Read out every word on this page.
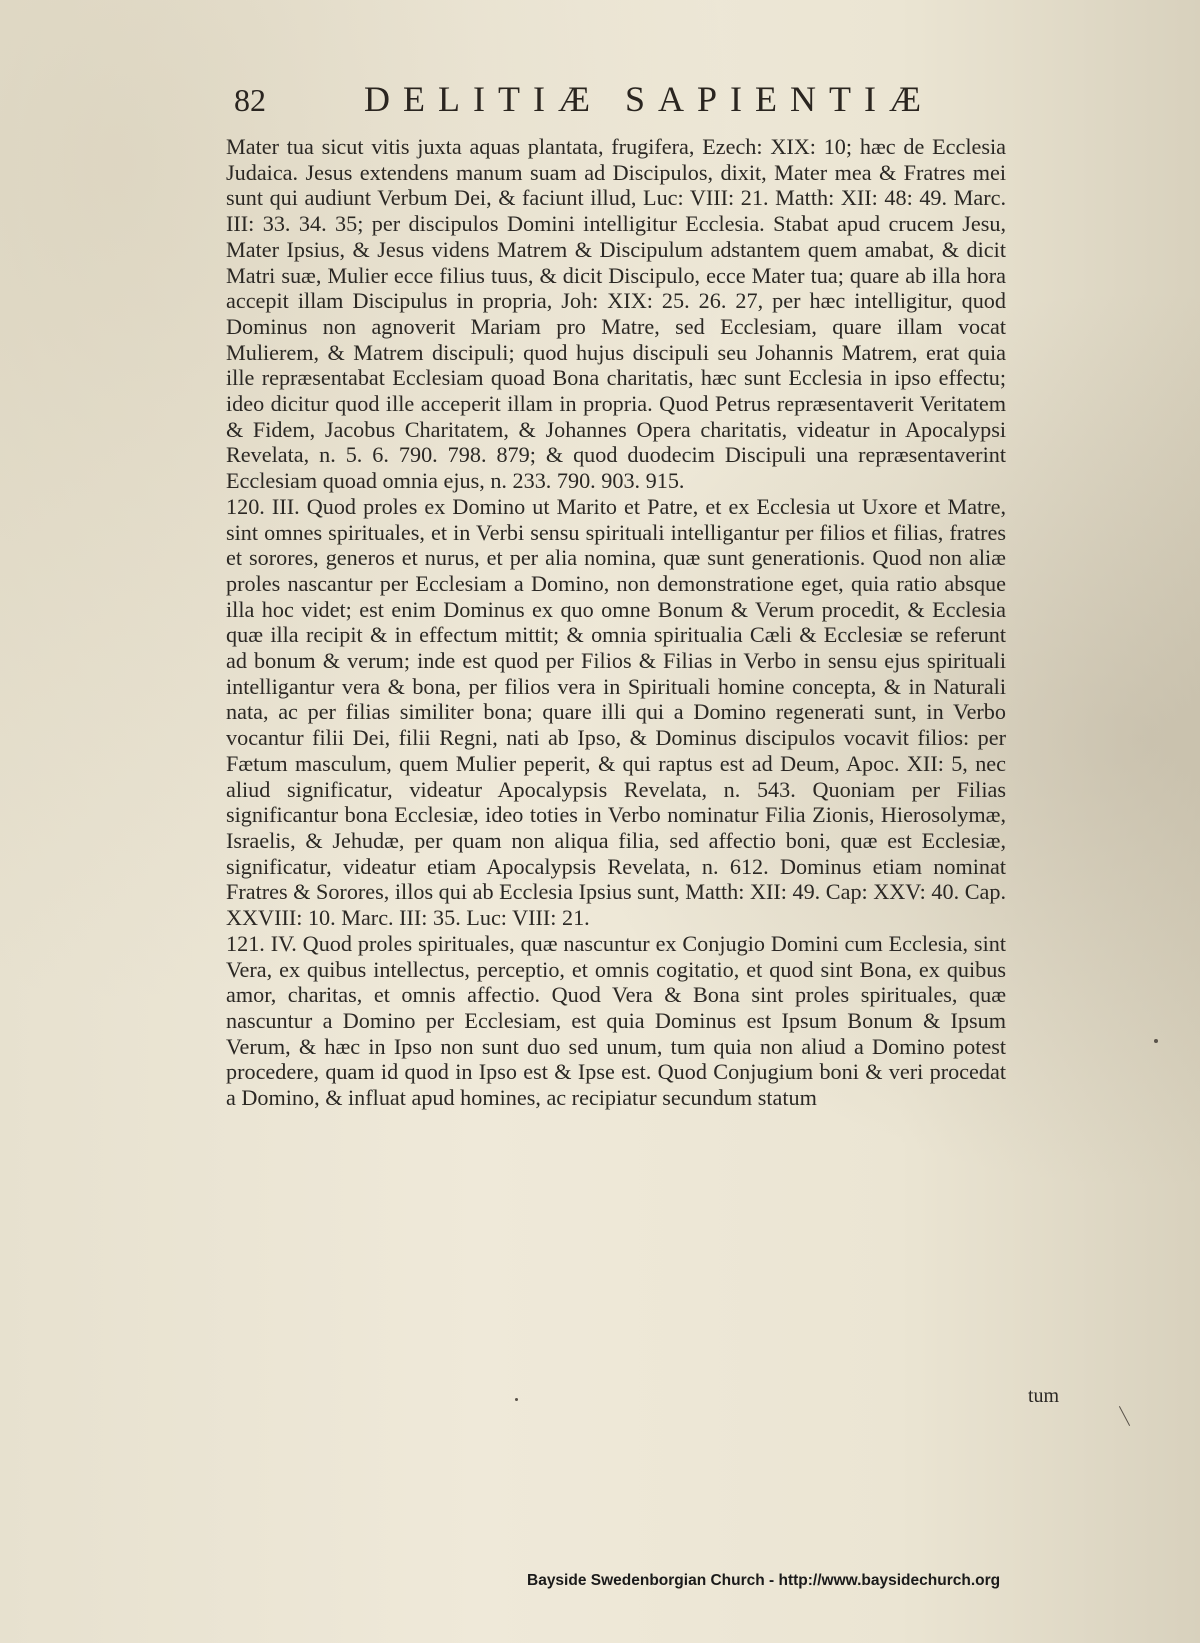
82	DELITIÆ SAPIENTIÆ

Mater tua sicut vitis juxta aquas plantata, frugifera, Ezech: XIX: 10; hæc de Ecclesia Judaica. Jesus extendens manum suam ad Discipulos, dixit, Mater mea & Fratres mei sunt qui audiunt Verbum Dei, & faciunt illud, Luc: VIII: 21. Matth: XII: 48: 49. Marc. III: 33. 34. 35; per discipulos Domini intelligitur Ecclesia. Stabat apud crucem Jesu, Mater Ipsius, & Jesus videns Matrem & Discipulum adstantem quem amabat, & dicit Matri suæ, Mulier ecce filius tuus, & dicit Discipulo, ecce Mater tua; quare ab illa hora accepit illam Discipulus in propria, Joh: XIX: 25. 26. 27, per hæc intelligitur, quod Dominus non agnoverit Mariam pro Matre, sed Ecclesiam, quare illam vocat Mulierem, & Matrem discipuli; quod hujus discipuli seu Johannis Matrem, erat quia ille repræsentabat Ecclesiam quoad Bona charitatis, hæc sunt Ecclesia in ipso effectu; ideo dicitur quod ille acceperit illam in propria. Quod Petrus repræsentaverit Veritatem & Fidem, Jacobus Charitatem, & Johannes Opera charitatis, videatur in Apocalypsi Revelata, n. 5. 6. 790. 798. 879; & quod duodecim Discipuli una repræsentaverint Ecclesiam quoad omnia ejus, n. 233. 790. 903. 915.

120. III. Quod proles ex Domino ut Marito et Patre, et ex Ecclesia ut Uxore et Matre, sint omnes spirituales, et in Verbi sensu spirituali intelligantur per filios et filias, fratres et sorores, generos et nurus, et per alia nomina, quæ sunt generationis. Quod non aliæ proles nascantur per Ecclesiam a Domino, non demonstratione eget, quia ratio absque illa hoc videt; est enim Dominus ex quo omne Bonum & Verum procedit, & Ecclesia quæ illa recipit & in effectum mittit; & omnia spiritualia Cæli & Ecclesiæ se referunt ad bonum & verum; inde est quod per Filios & Filias in Verbo in sensu ejus spirituali intelligantur vera & bona, per filios vera in Spirituali homine concepta, & in Naturali nata, ac per filias similiter bona; quare illi qui a Domino regenerati sunt, in Verbo vocantur filii Dei, filii Regni, nati ab Ipso, & Dominus discipulos vocavit filios: per Fætum masculum, quem Mulier peperit, & qui raptus est ad Deum, Apoc. XII: 5, nec aliud significatur, videatur Apocalypsis Revelata, n. 543. Quoniam per Filias significantur bona Ecclesiæ, ideo toties in Verbo nominatur Filia Zionis, Hierosolymæ, Israelis, & Jehudæ, per quam non aliqua filia, sed affectio boni, quæ est Ecclesiæ, significatur, videatur etiam Apocalypsis Revelata, n. 612. Dominus etiam nominat Fratres & Sorores, illos qui ab Ecclesia Ipsius sunt, Matth: XII: 49. Cap: XXV: 40. Cap. XXVIII: 10. Marc. III: 35. Luc: VIII: 21.

121. IV. Quod proles spirituales, quæ nascuntur ex Conjugio Domini cum Ecclesia, sint Vera, ex quibus intellectus, perceptio, et omnis cogitatio, et quod sint Bona, ex quibus amor, charitas, et omnis affectio. Quod Vera & Bona sint proles spirituales, quæ nascuntur a Domino per Ecclesiam, est quia Dominus est Ipsum Bonum & Ipsum Verum, & hæc in Ipso non sunt duo sed unum, tum quia non aliud a Domino potest procedere, quam id quod in Ipso est & Ipse est. Quod Conjugium boni & veri procedat a Domino, & influat apud homines, ac recipiatur secundum statum

tum
Bayside Swedenborgian Church - http://www.baysidechurch.org
